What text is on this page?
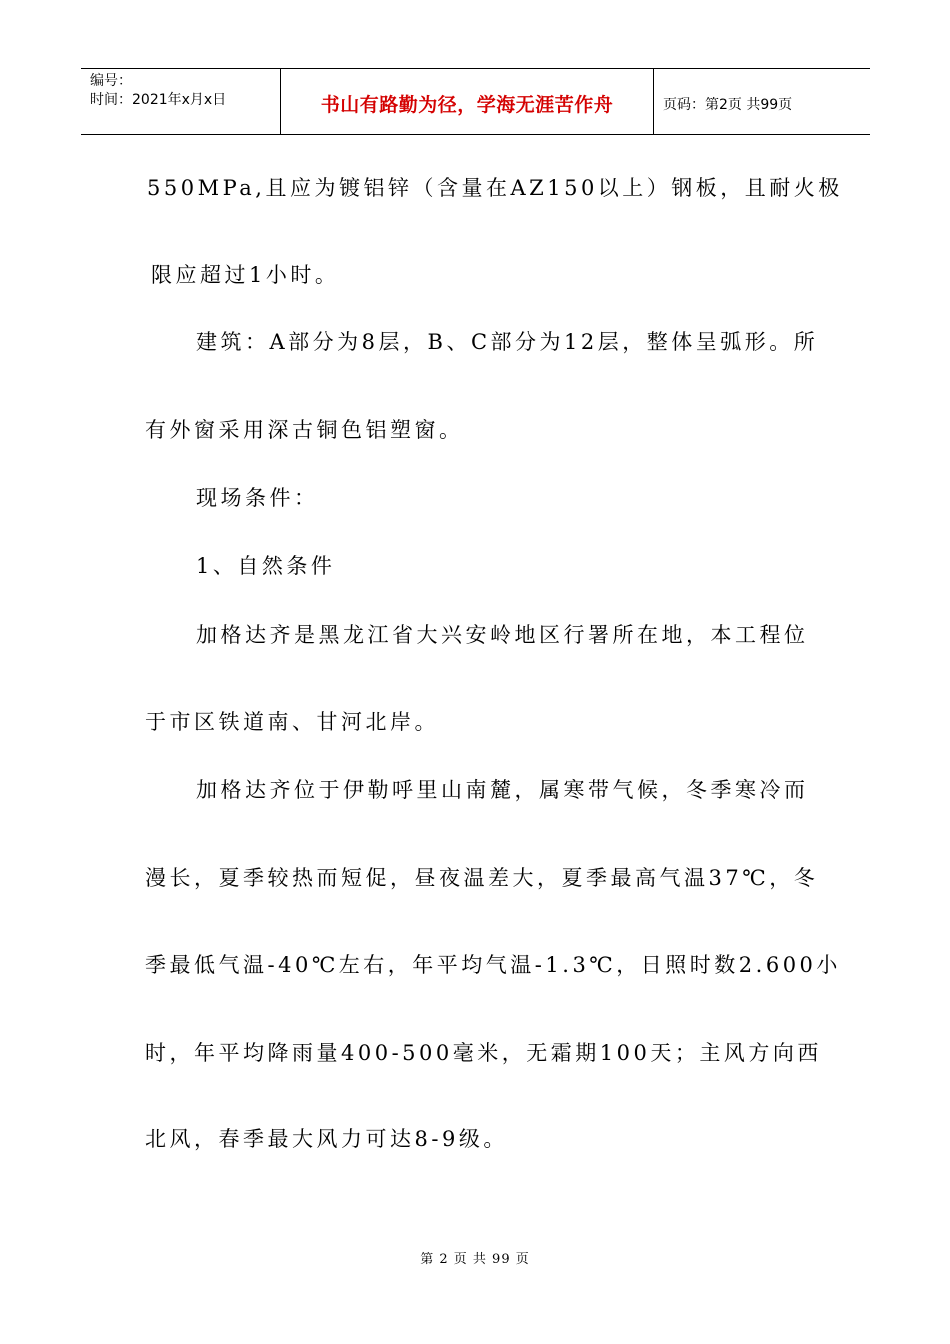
编号：
时间：2021年x月x日	书山有路勤为径，学海无涯苦作舟	页码：第2页 共99页
550MPa,且应为镀铝锌（含量在AZ150以上）钢板，且耐火极
限应超过1小时。
建筑：A部分为8层，B、C部分为12层，整体呈弧形。所
有外窗采用深古铜色铝塑窗。
现场条件：
1、自然条件
加格达齐是黑龙江省大兴安岭地区行署所在地，本工程位
于市区铁道南、甘河北岸。
加格达齐位于伊勒呼里山南麓，属寒带气候，冬季寒冷而
漫长，夏季较热而短促，昼夜温差大，夏季最高气温37℃，冬
季最低气温-40℃左右，年平均气温-1.3℃，日照时数2.600小
时，年平均降雨量400-500毫米，无霜期100天；主风方向西
北风，春季最大风力可达8-9级。
第 2 页 共 99 页
